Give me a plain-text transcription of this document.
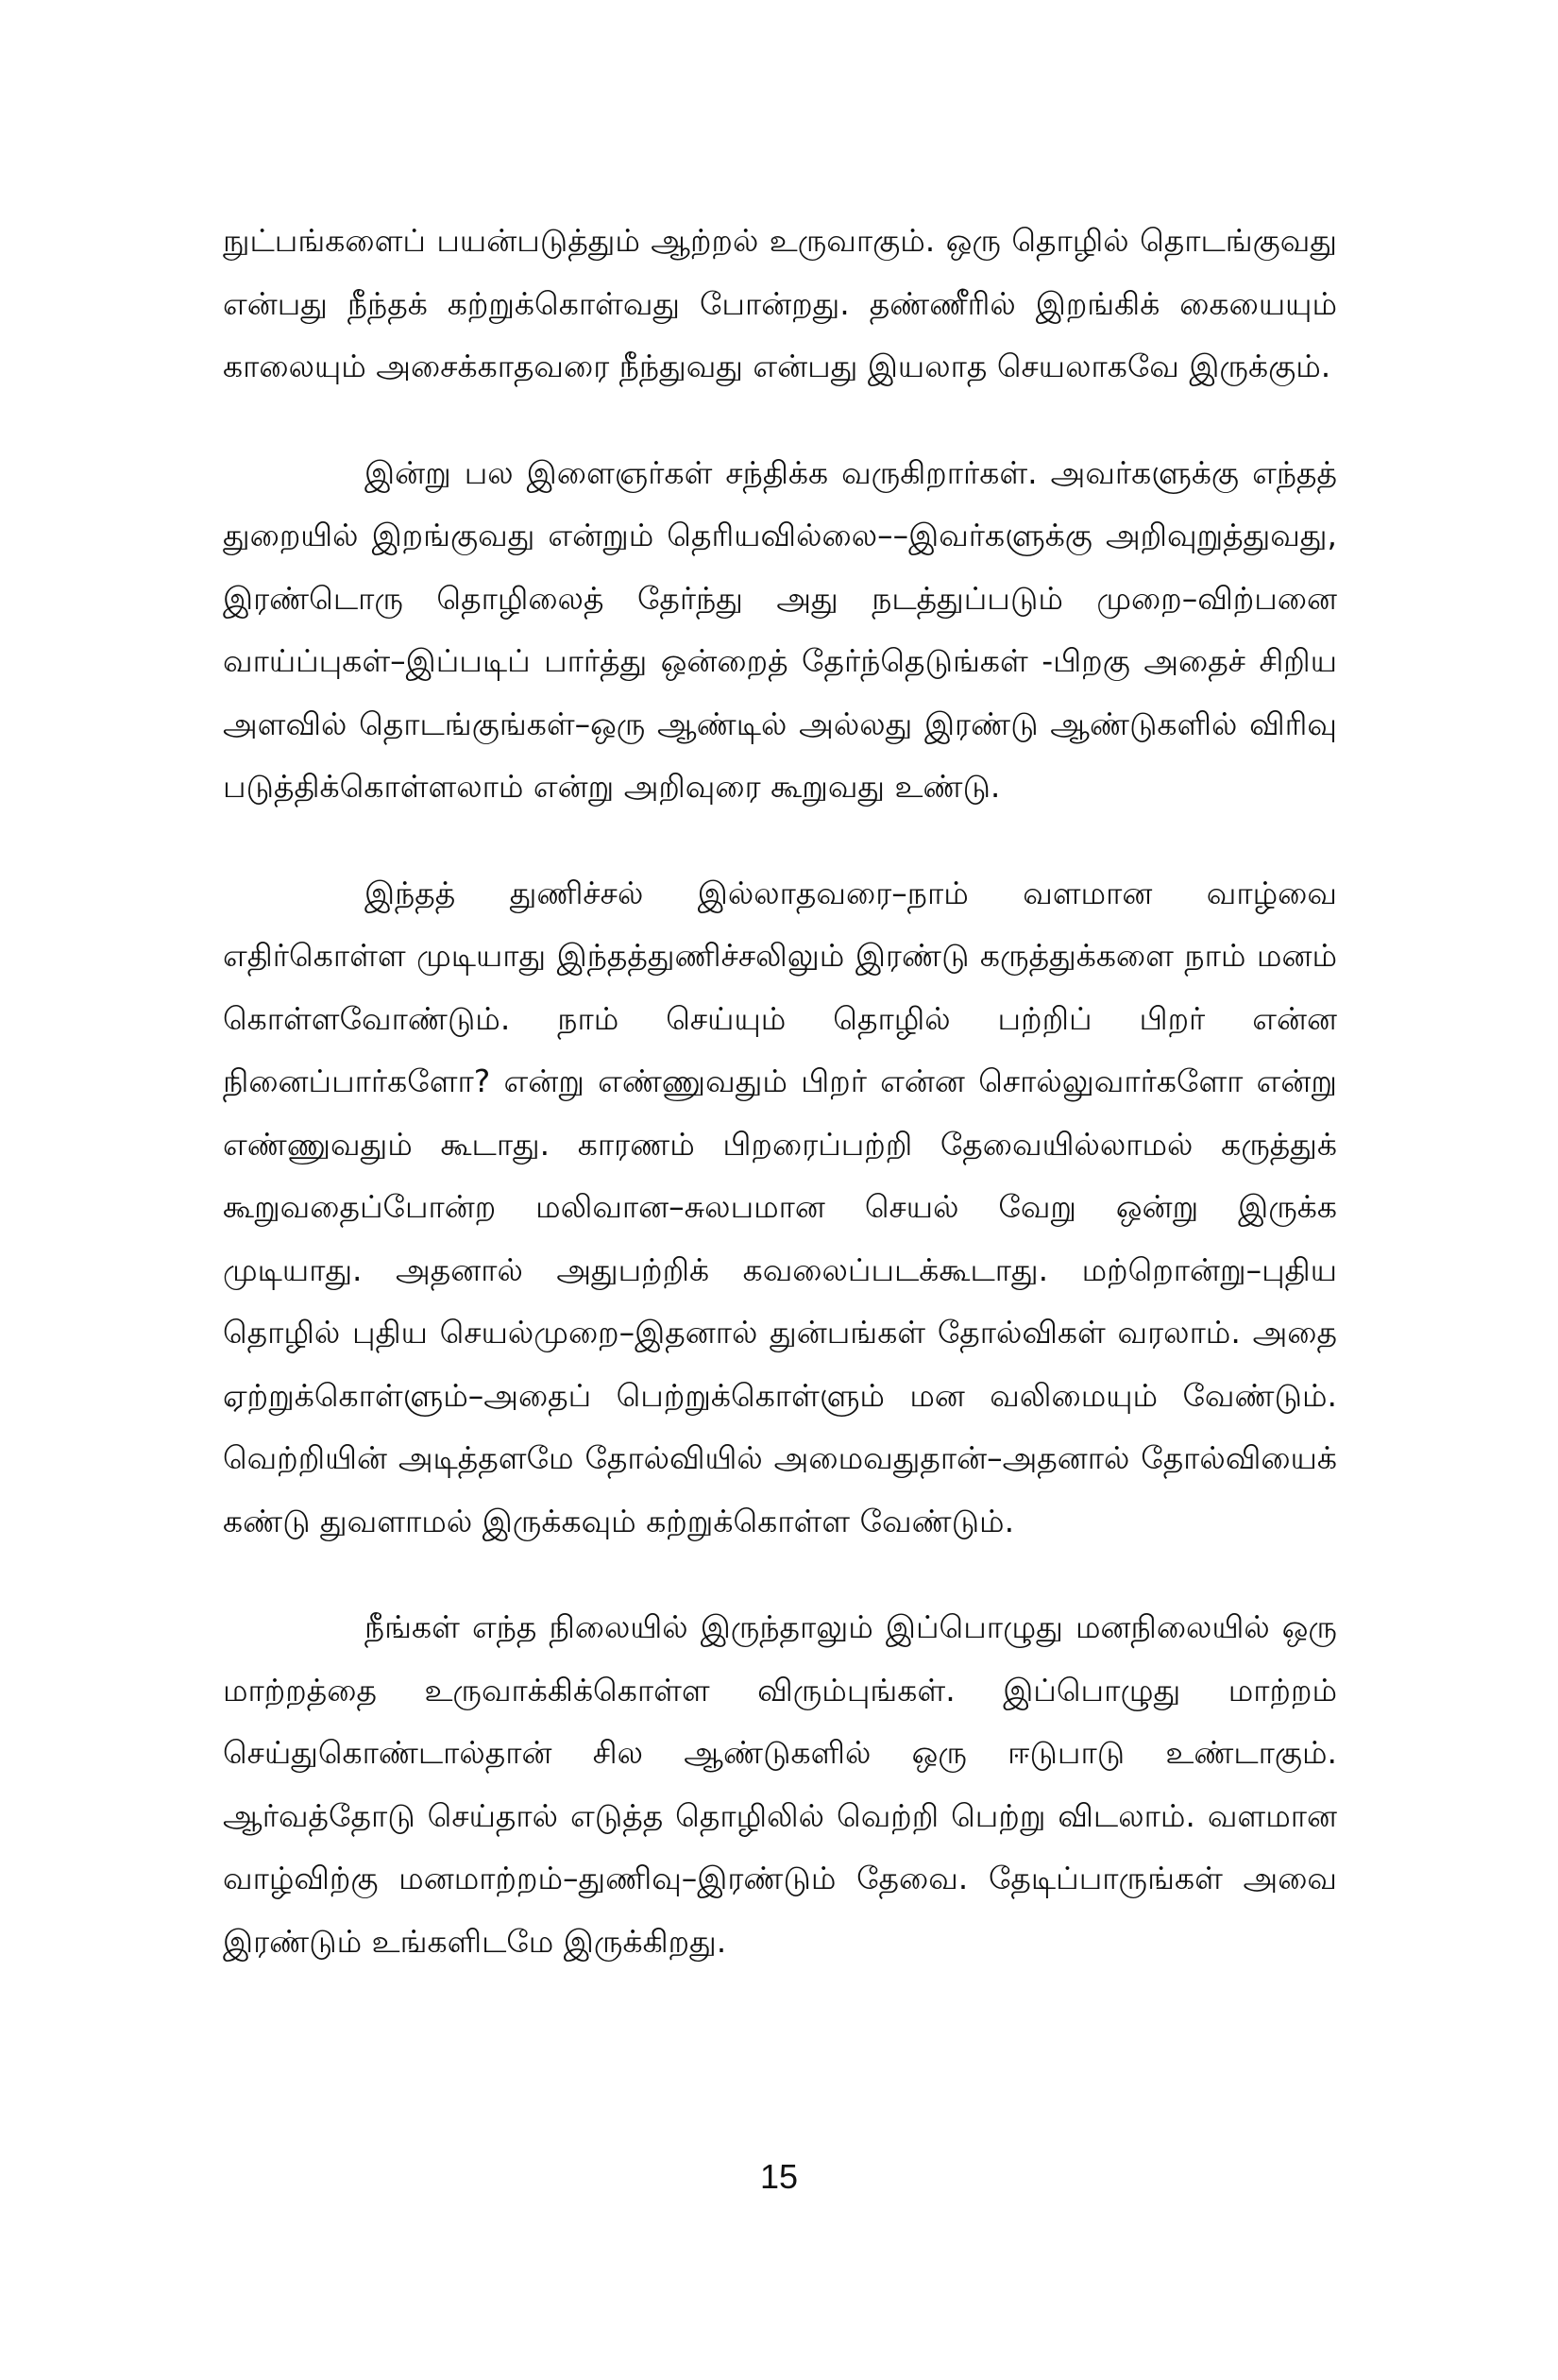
நுட்பங்களைப் பயன்படுத்தும் ஆற்றல் உருவாகும். ஒரு தொழில் தொடங்குவது என்பது நீந்தக் கற்றுக்கொள்வது போன்றது. தண்ணீரில் இறங்கிக் கையையும் காலையும் அசைக்காதவரை நீந்துவது என்பது இயலாத செயலாகவே இருக்கும்.

இன்று பல இளைஞர்கள் சந்திக்க வருகிறார்கள். அவர்களுக்கு எந்தத் துறையில் இறங்குவது என்றும் தெரியவில்லை––இவர்களுக்கு அறிவுறுத்துவது, இரண்டொரு தொழிலைத் தேர்ந்து அது நடத்துப்படும் முறை–விற்பனை வாய்ப்புகள்–இப்படிப் பார்த்து ஒன்றைத் தேர்ந்தெடுங்கள் -பிறகு அதைச் சிறிய அளவில் தொடங்குங்கள்–ஒரு ஆண்டில் அல்லது இரண்டு ஆண்டுகளில் விரிவு படுத்திக்கொள்ளலாம் என்று அறிவுரை கூறுவது உண்டு.

இந்தத் துணிச்சல் இல்லாதவரை–நாம் வளமான வாழ்வை எதிர்கொள்ள முடியாது இந்தத்துணிச்சலிலும் இரண்டு கருத்துக்களை நாம் மனம் கொள்ளவோண்டும். நாம் செய்யும் தொழில் பற்றிப் பிறர் என்ன நினைப்பார்களோ? என்று எண்ணுவதும் பிறர் என்ன சொல்லுவார்களோ என்று எண்ணுவதும் கூடாது. காரணம் பிறரைப்பற்றி தேவையில்லாமல் கருத்துக் கூறுவதைப்போன்ற மலிவான–சுலபமான செயல் வேறு ஒன்று இருக்க முடியாது. அதனால் அதுபற்றிக் கவலைப்படக்கூடாது. மற்றொன்று–புதிய தொழில் புதிய செயல்முறை–இதனால் துன்பங்கள் தோல்விகள் வரலாம். அதை ஏற்றுக்கொள்ளும்–அதைப் பெற்றுக்கொள்ளும் மன வலிமையும் வேண்டும். வெற்றியின் அடித்தளமே தோல்வியில் அமைவதுதான்–அதனால் தோல்வியைக் கண்டு துவளாமல் இருக்கவும் கற்றுக்கொள்ள வேண்டும்.

நீங்கள் எந்த நிலையில் இருந்தாலும் இப்பொழுது மனநிலையில் ஒரு மாற்றத்தை உருவாக்கிக்கொள்ள விரும்புங்கள். இப்பொழுது மாற்றம் செய்துகொண்டால்தான் சில ஆண்டுகளில் ஒரு ஈடுபாடு உண்டாகும். ஆர்வத்தோடு செய்தால் எடுத்த தொழிலில் வெற்றி பெற்று விடலாம். வளமான வாழ்விற்கு மனமாற்றம்–துணிவு–இரண்டும் தேவை. தேடிப்பாருங்கள் அவை இரண்டும் உங்களிடமே இருக்கிறது.

15
